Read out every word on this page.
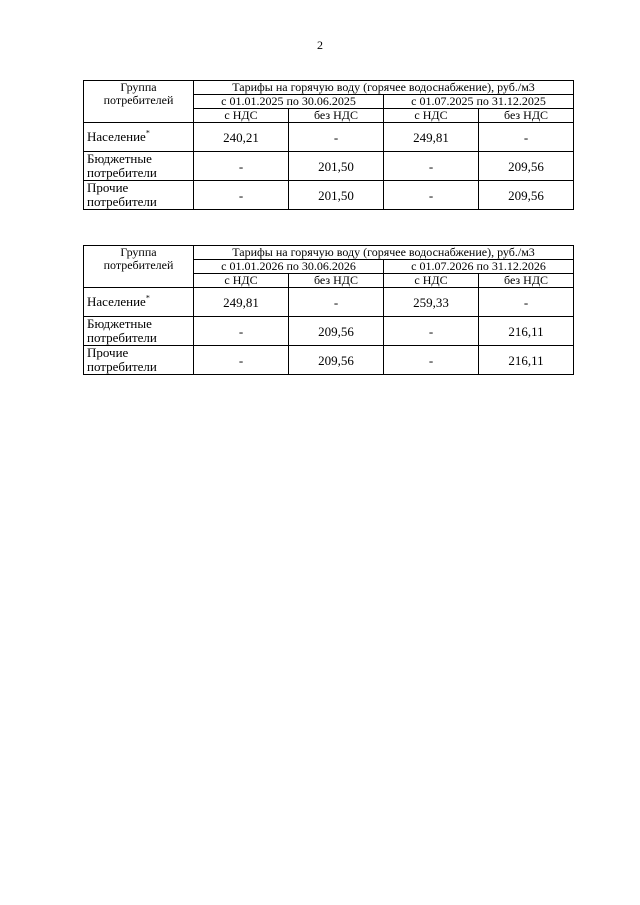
2
Группа
потребителей	Тарифы на горячую воду (горячее водоснабжение), руб./м3			
	с 01.01.2025 по 30.06.2025		с 01.07.2025 по 31.12.2025	
	с НДС	без НДС	с НДС	без НДС
Население*	240,21	-	249,81	-
Бюджетные
потребители	-	201,50	-	209,56
Прочие
потребители	-	201,50	-	209,56
Группа
потребителей	Тарифы на горячую воду (горячее водоснабжение), руб./м3			
	с 01.01.2026 по 30.06.2026		с 01.07.2026 по 31.12.2026	
	с НДС	без НДС	с НДС	без НДС
Население*	249,81	-	259,33	-
Бюджетные
потребители	-	209,56	-	216,11
Прочие
потребители	-	209,56	-	216,11
